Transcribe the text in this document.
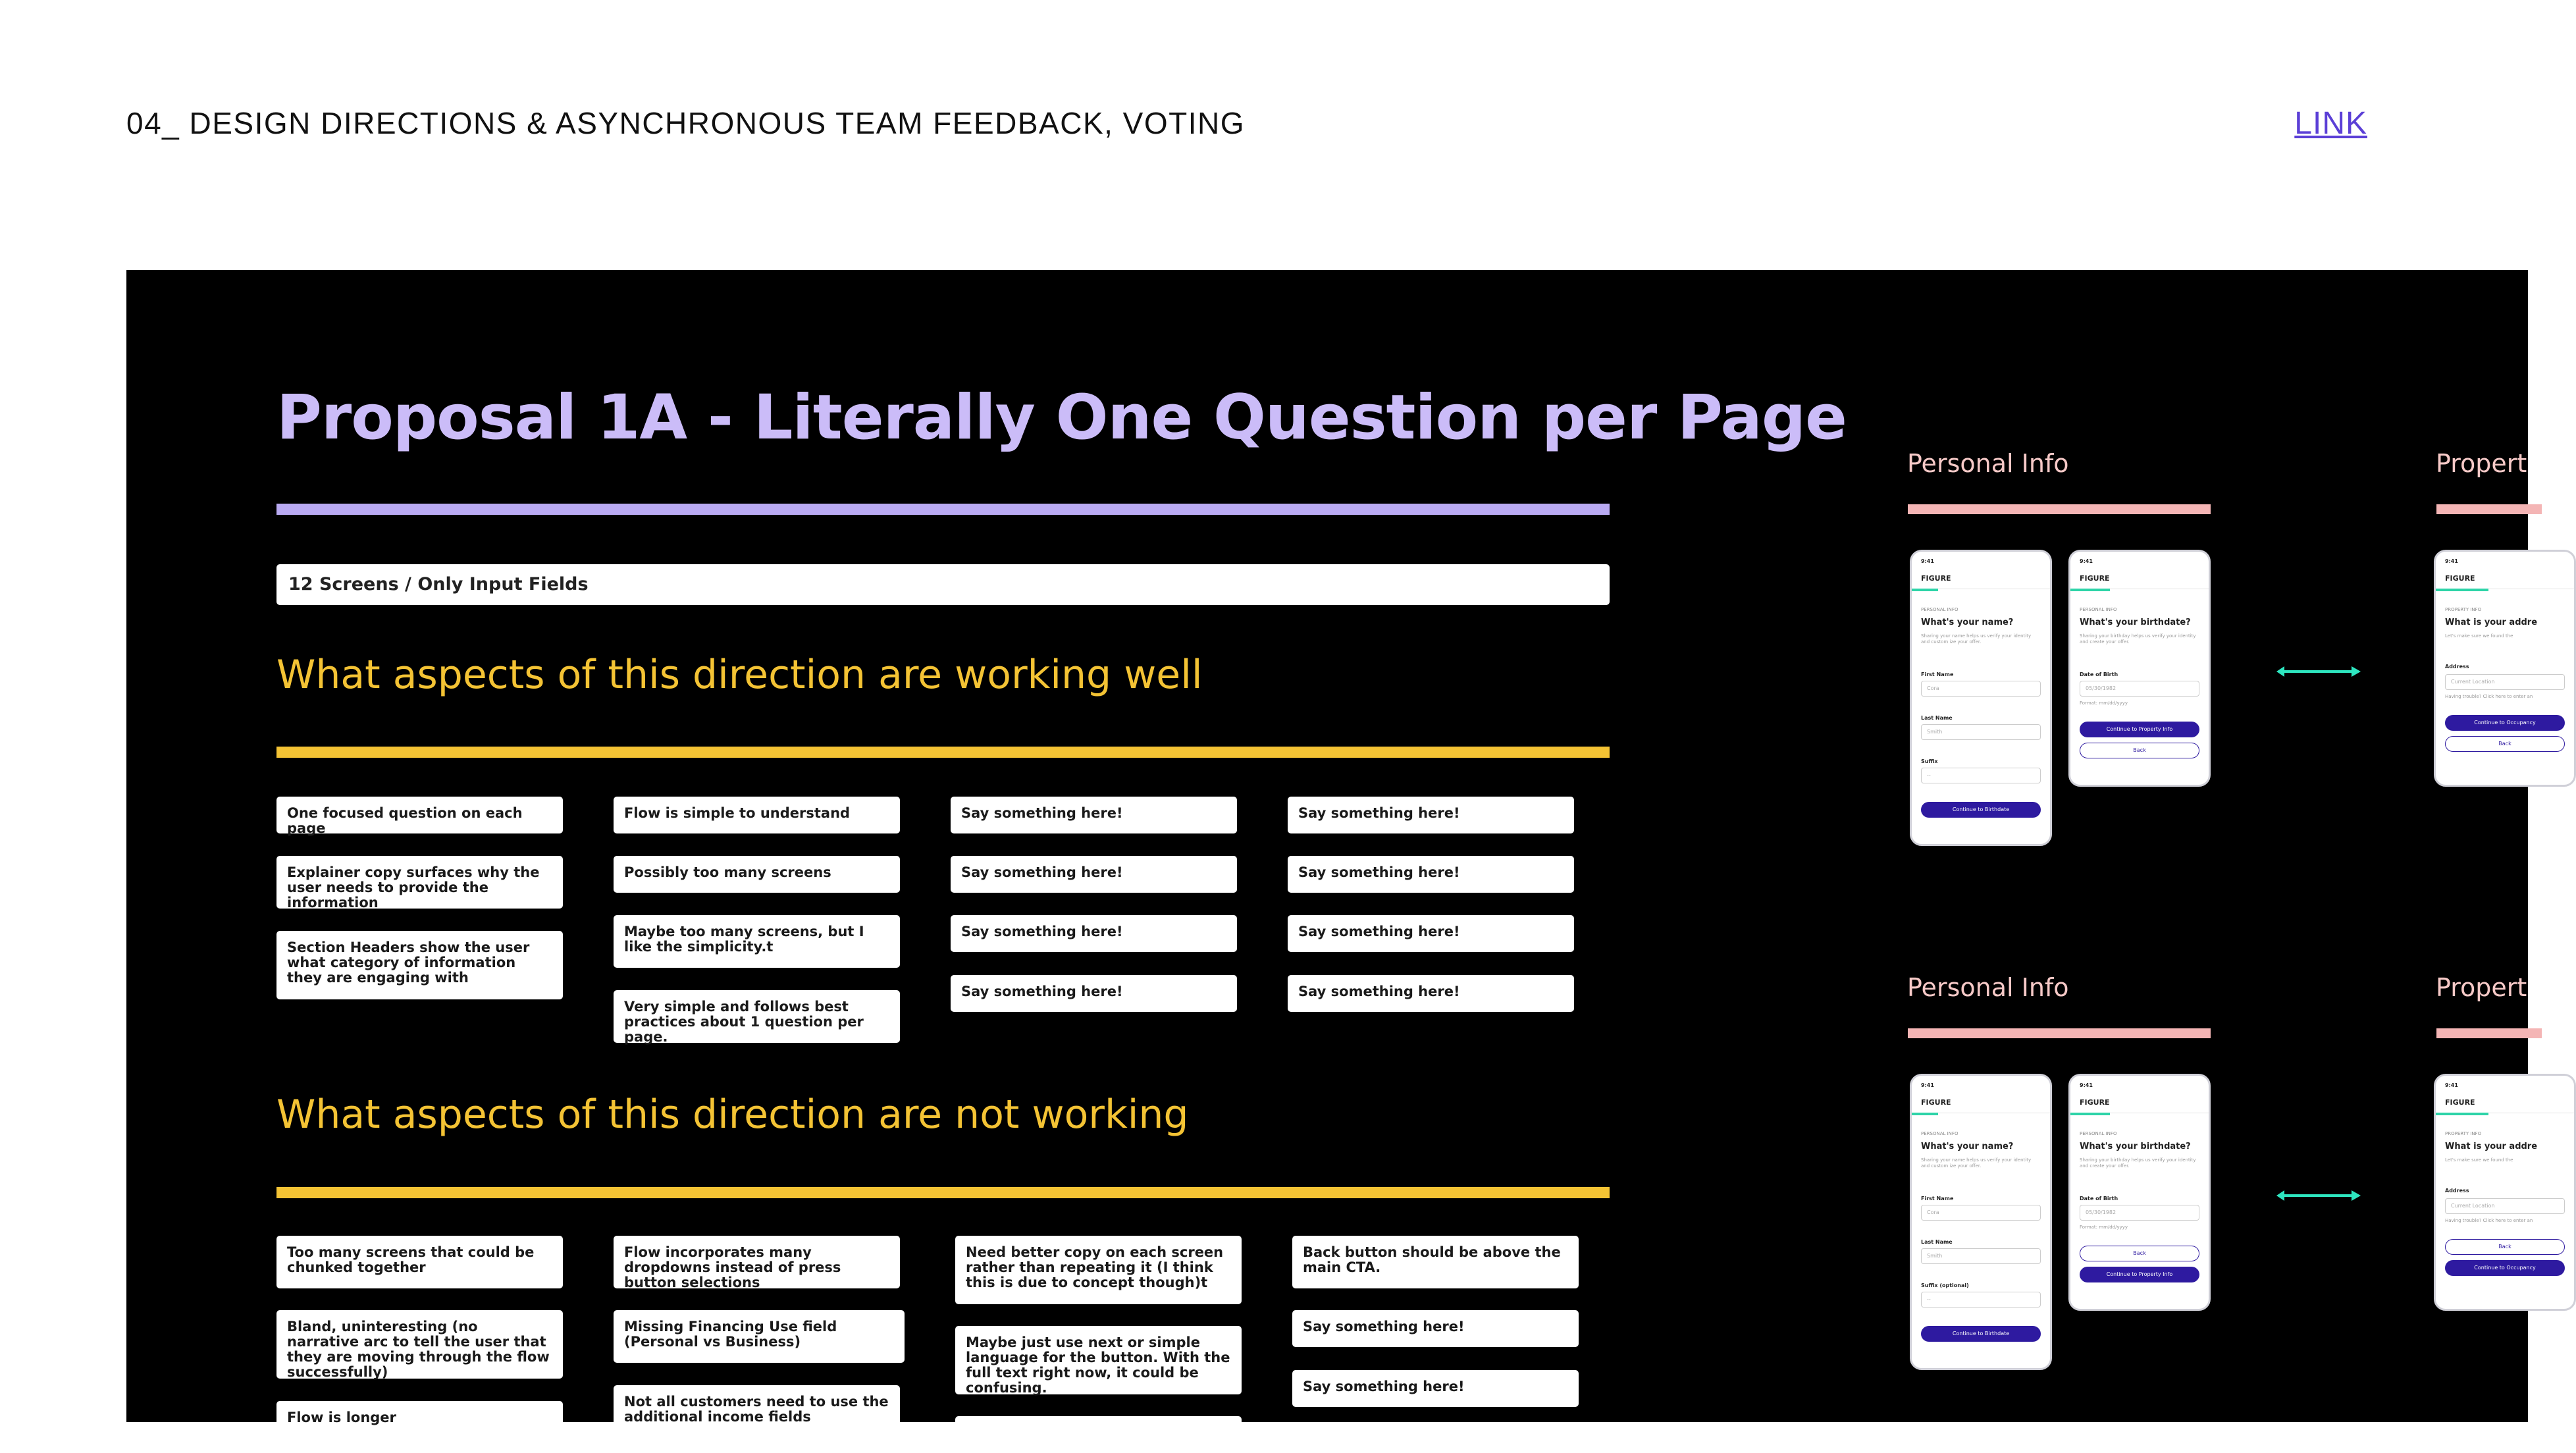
04_ DESIGN DIRECTIONS & ASYNCHRONOUS TEAM FEEDBACK, VOTING	LINK
Proposal 1A - Literally One Question per Page
12 Screens / Only Input Fields
What aspects of this direction are working well
One focused question on each page
Explainer copy surfaces why the user needs to provide the information
Section Headers show the user what category of information they are engaging with
Flow is simple to understand
Possibly too many screens
Maybe too many screens, but I like the simplicity.t
Very simple and follows best practices about 1 question per page.
Say something here!
Say something here!
Say something here!
Say something here!
Say something here!
Say something here!
Say something here!
Say something here!
What aspects of this direction are not working
Too many screens that could be chunked together
Bland, uninteresting (no narrative arc to tell the user that they are moving through the flow successfully)
Flow is longer
Flow incorporates many dropdowns instead of press button selections
Missing Financing Use field (Personal vs Business)
Not all customers need to use the additional income fields
Need better copy on each screen rather than repeating it (I think this is due to concept though)t
Maybe just use next or simple language for the button. With the full text right now, it could be confusing.
Back button should be above the main CTA.
Say something here!
Say something here!
Personal Info	Propert
9:41
FIGURE
PERSONAL INFO
What's your name?
Sharing your name helps us verify your identity and custom ize your offer.
First Name
Cora
Last Name
Smith
Suffix
--
Continue to Birthdate
9:41
FIGURE
PERSONAL INFO
What's your birthdate?
Sharing your birthday helps us verify your identity and create your offer.
Date of Birth
05/30/1982
Format: mm/dd/yyyy
Continue to Property Info
Back
9:41
FIGURE
PROPERTY INFO
What is your addre
Let's make sure we found the
Address
Current Location
Having trouble? Click here to enter an
Continue to Occupancy
Back
Personal Info	Propert
9:41
FIGURE
PERSONAL INFO
What's your name?
Sharing your name helps us verify your identity and custom ize your offer.
First Name
Cora
Last Name
Smith
Suffix (optional)
--
Continue to Birthdate
9:41
FIGURE
PERSONAL INFO
What's your birthdate?
Sharing your birthday helps us verify your identity and create your offer.
Date of Birth
05/30/1982
Format: mm/dd/yyyy
Back
Continue to Property Info
9:41
FIGURE
PROPERTY INFO
What is your addre
Let's make sure we found the
Address
Current Location
Having trouble? Click here to enter an
Back
Continue to Occupancy
